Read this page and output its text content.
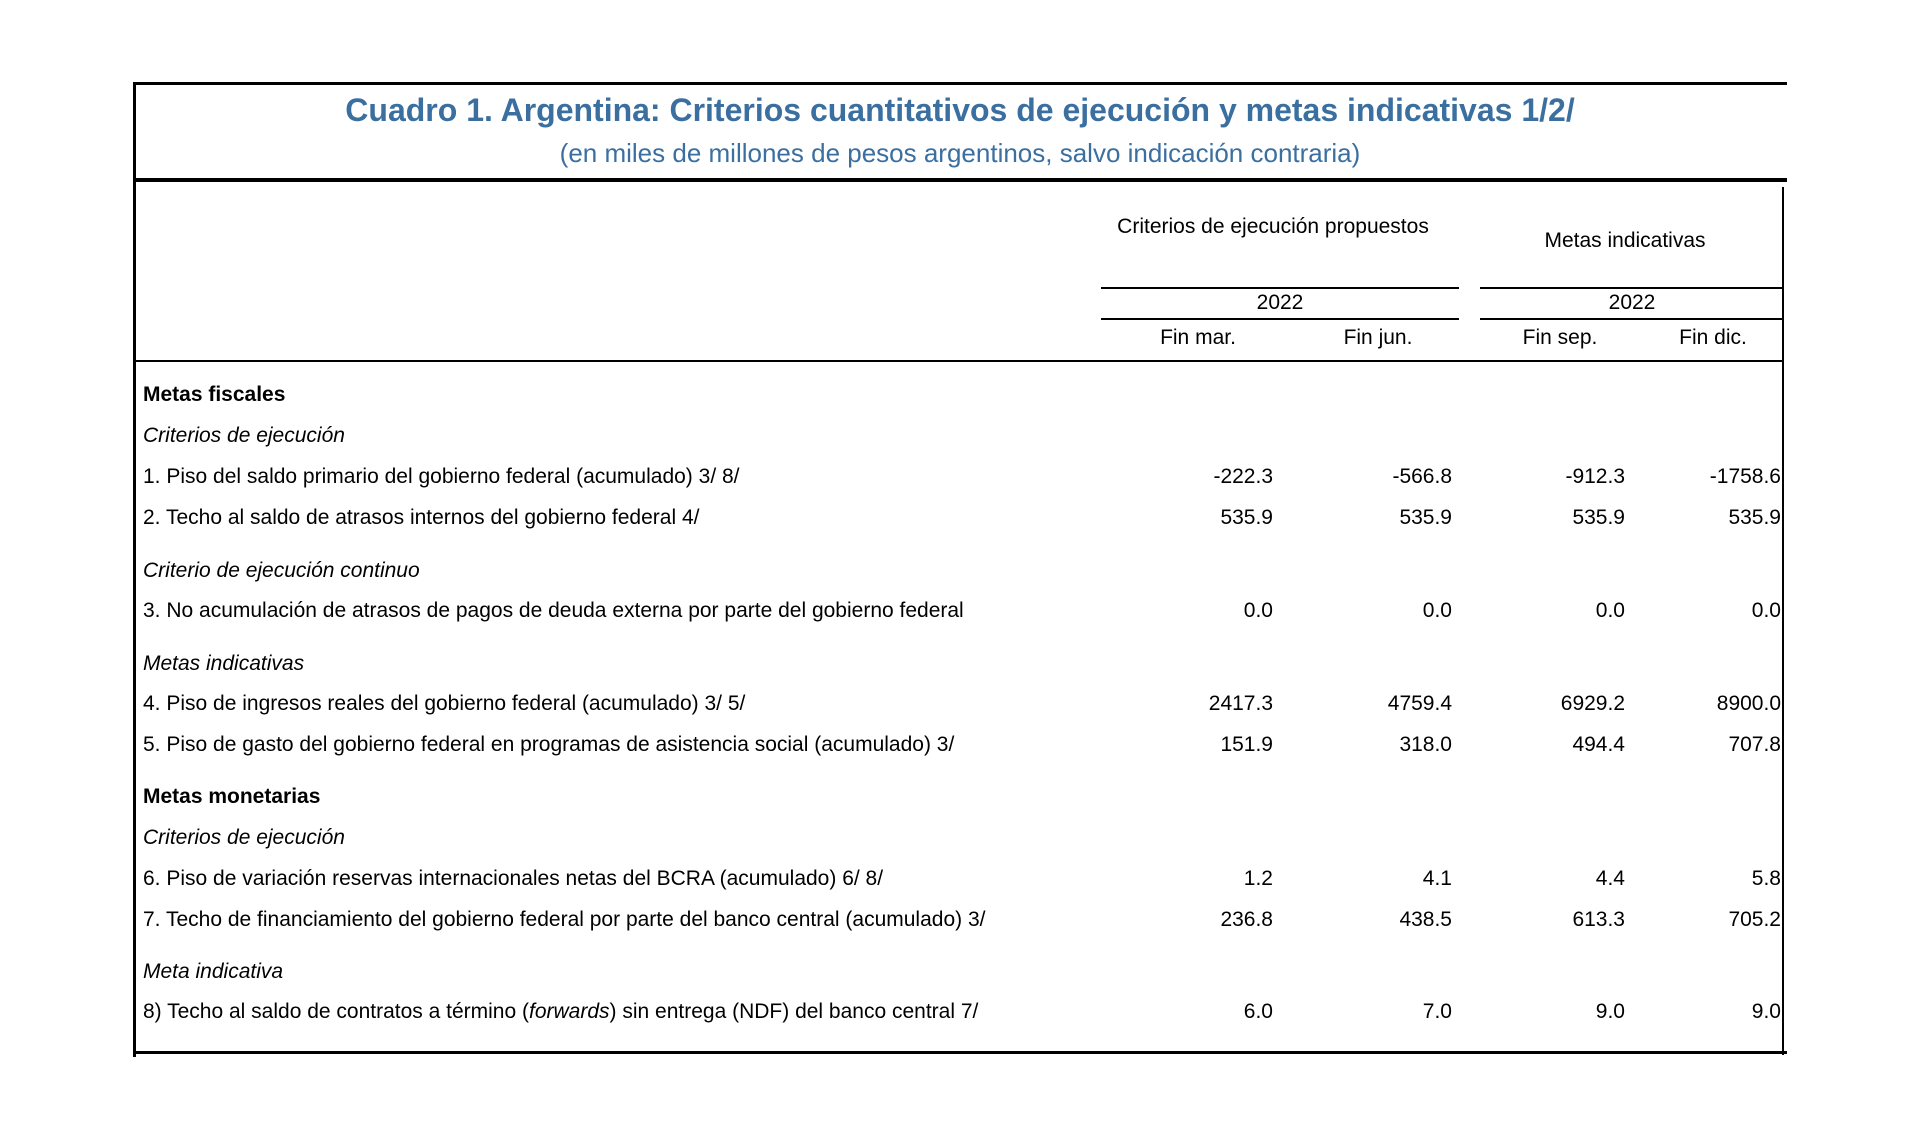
Cuadro 1. Argentina: Criterios cuantitativos de ejecución y metas indicativas 1/2/
(en miles de millones de pesos argentinos, salvo indicación contraria)
Criterios de ejecución propuestos
Metas indicativas
2022	2022
Fin mar.	Fin jun.	Fin sep.	Fin dic.
Metas fiscales
Criterios de ejecución
1. Piso del saldo primario del gobierno federal (acumulado) 3/ 8/	-222.3	-566.8	-912.3	-1758.6
2. Techo al saldo de atrasos internos del gobierno federal 4/	535.9	535.9	535.9	535.9
Criterio de ejecución continuo
3. No acumulación de atrasos de pagos de deuda externa por parte del gobierno federal	0.0	0.0	0.0	0.0
Metas indicativas
4. Piso de ingresos reales del gobierno federal (acumulado) 3/ 5/	2417.3	4759.4	6929.2	8900.0
5. Piso de gasto del gobierno federal en programas de asistencia social (acumulado) 3/	151.9	318.0	494.4	707.8
Metas monetarias
Criterios de ejecución
6. Piso de variación reservas internacionales netas del BCRA (acumulado) 6/ 8/	1.2	4.1	4.4	5.8
7. Techo de financiamiento del gobierno federal por parte del banco central (acumulado) 3/	236.8	438.5	613.3	705.2
Meta indicativa
8) Techo al saldo de contratos a término (forwards) sin entrega (NDF) del banco central 7/	6.0	7.0	9.0	9.0
